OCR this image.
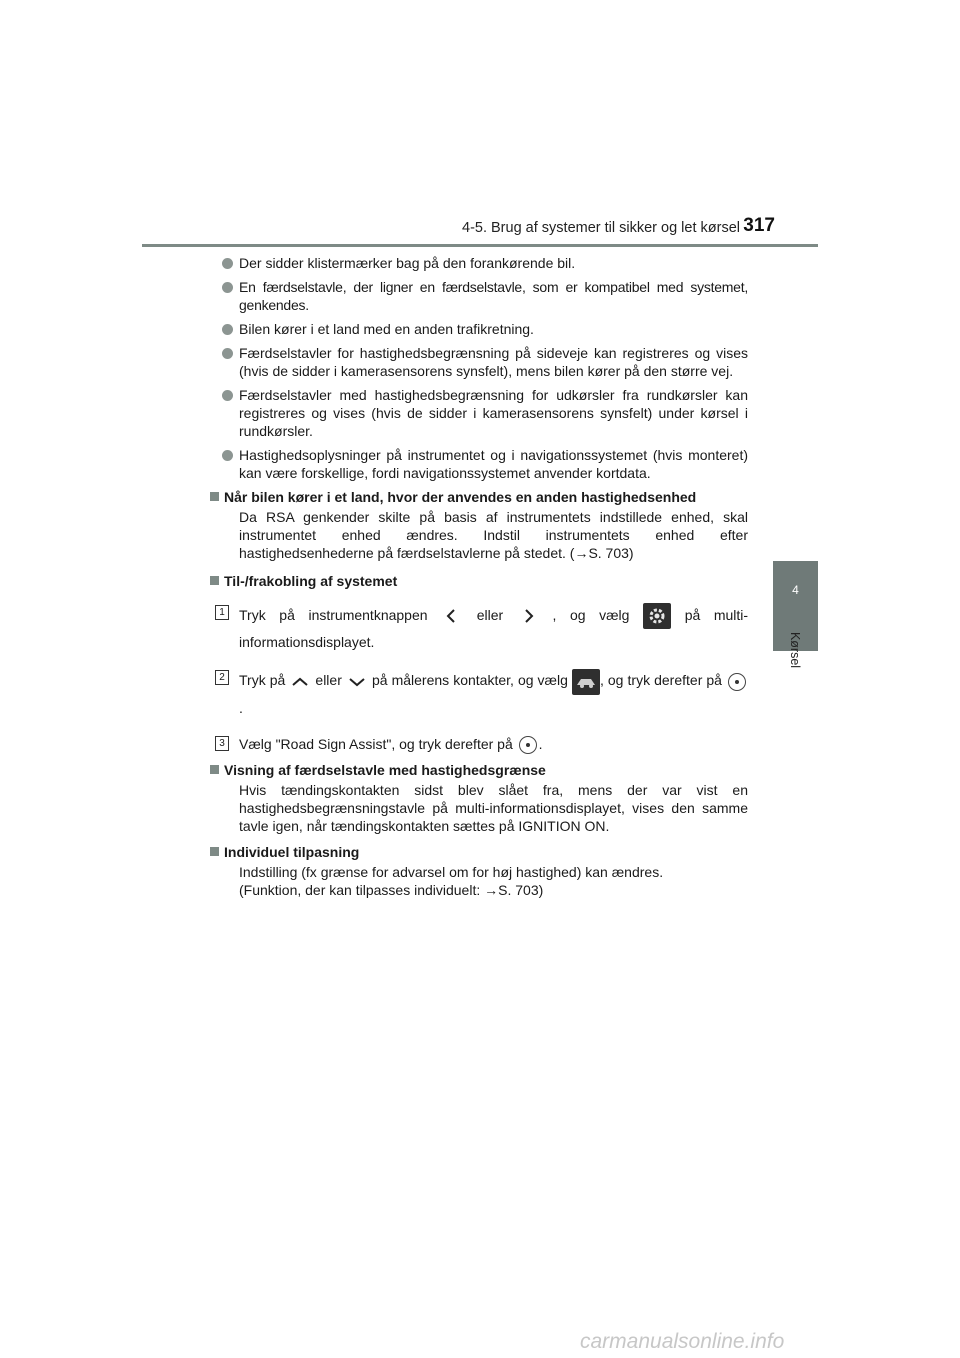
4-5. Brug af systemer til sikker og let kørsel 317
4
Kørsel
Der sidder klistermærker bag på den forankørende bil.
En færdselstavle, der ligner en færdselstavle, som er kompatibel med systemet, genkendes.
Bilen kører i et land med en anden trafikretning.
Færdselstavler for hastighedsbegrænsning på sideveje kan registreres og vises (hvis de sidder i kamerasensorens synsfelt), mens bilen kører på den større vej.
Færdselstavler med hastighedsbegrænsning for udkørsler fra rundkørsler kan registreres og vises (hvis de sidder i kamerasensorens synsfelt) under kørsel i rundkørsler.
Hastighedsoplysninger på instrumentet og i navigationssystemet (hvis monteret) kan være forskellige, fordi navigationssystemet anvender kortdata.
Når bilen kører i et land, hvor der anvendes en anden hastighedsenhed
Da RSA genkender skilte på basis af instrumentets indstillede enhed, skal instrumentet enhed ændres. Indstil instrumentets enhed efter hastighedsenhederne på færdselstavlerne på stedet. (→S. 703)
Til-/frakobling af systemet
1	Tryk på instrumentknappen	eller	, og vælg	på multi-informationsdisplayet.
2	Tryk på eller på målerens kontakter, og vælg , og tryk derefter på .
3	Vælg "Road Sign Assist", og tryk derefter på .
Visning af færdselstavle med hastighedsgrænse
Hvis tændingskontakten sidst blev slået fra, mens der var vist en hastighedsbegrænsningstavle på multi-informationsdisplayet, vises den samme tavle igen, når tændingskontakten sættes på IGNITION ON.
Individuel tilpasning
Indstilling (fx grænse for advarsel om for høj hastighed) kan ændres.
(Funktion, der kan tilpasses individuelt: →S. 703)
carmanualsonline.info
